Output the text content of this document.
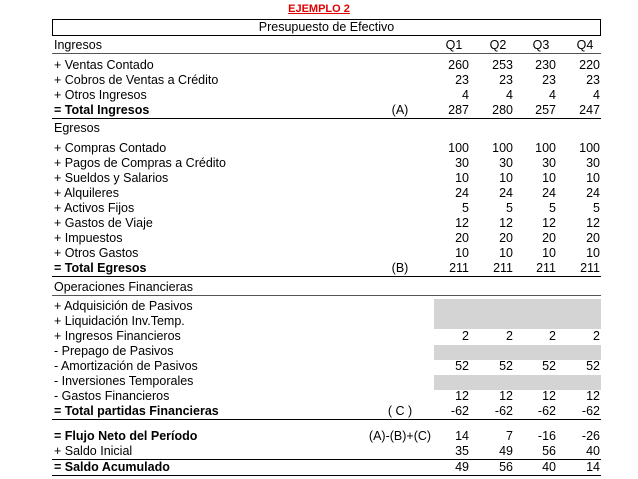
EJEMPLO 2
Presupuesto de Efectivo
Ingresos	Q1	Q2	Q3	Q4
+ Ventas Contado	260	253	230	220
+ Cobros de Ventas a Crédito	23	23	23	23
+ Otros Ingresos	4	4	4	4
= Total Ingresos	(A)	287	280	257	247
Egresos
+ Compras Contado	100	100	100	100
+ Pagos de Compras a Crédito	30	30	30	30
+ Sueldos y Salarios	10	10	10	10
+ Alquileres	24	24	24	24
+ Activos Fijos	5	5	5	5
+ Gastos de Viaje	12	12	12	12
+ Impuestos	20	20	20	20
+ Otros Gastos	10	10	10	10
= Total Egresos	(B)	211	211	211	211
Operaciones Financieras
+ Adquisición de Pasivos
+ Liquidación Inv.Temp.
+ Ingresos Financieros	2	2	2	2
- Prepago de Pasivos
- Amortización de Pasivos	52	52	52	52
- Inversiones Temporales
- Gastos Financieros	12	12	12	12
= Total partidas Financieras	( C )	-62	-62	-62	-62
= Flujo Neto del Período	(A)-(B)+(C)	14	7	-16	-26
+ Saldo Inicial	35	49	56	40
= Saldo Acumulado	49	56	40	14
